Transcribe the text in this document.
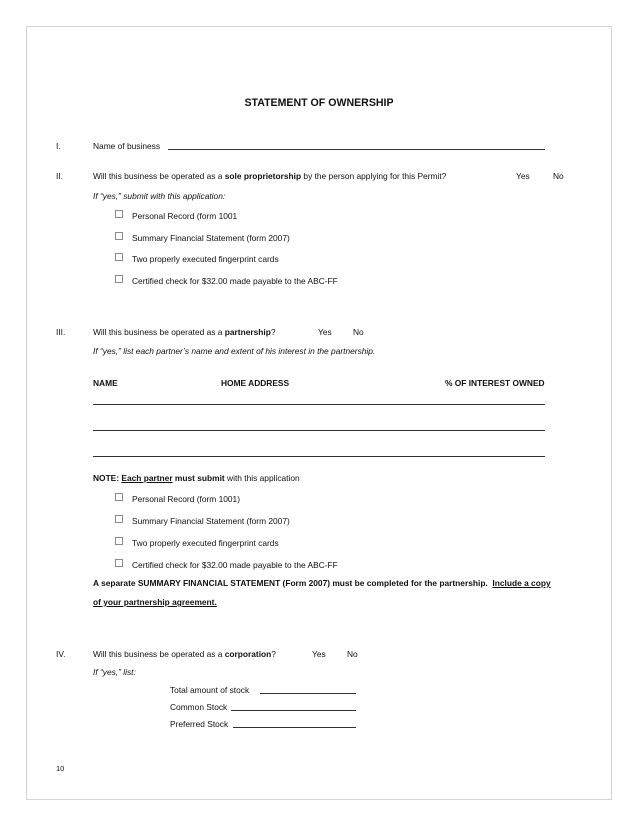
STATEMENT OF OWNERSHIP
I.	Name of business
II.	Will this business be operated as a sole proprietorship by the person applying for this Permit?	Yes	No
If “yes,” submit with this application:
Personal Record (form 1001
Summary Financial Statement (form 2007)
Two properly executed fingerprint cards
Certified check for $32.00 made payable to the ABC-FF
III.	Will this business be operated as a partnership?	Yes	No
If “yes,” list each partner’s name and extent of his interest in the partnership.
NAME	HOME ADDRESS	% OF INTEREST OWNED
NOTE: Each partner must submit with this application
Personal Record (form 1001)
Summary Financial Statement (form 2007)
Two properly executed fingerprint cards
Certified check for $32.00 made payable to the ABC-FF
A separate SUMMARY FINANCIAL STATEMENT (Form 2007) must be completed for the partnership. Include a copy
of your partnership agreement.
IV.	Will this business be operated as a corporation?	Yes	No
If “yes,” list:
Total amount of stock
Common Stock
Preferred Stock
10
